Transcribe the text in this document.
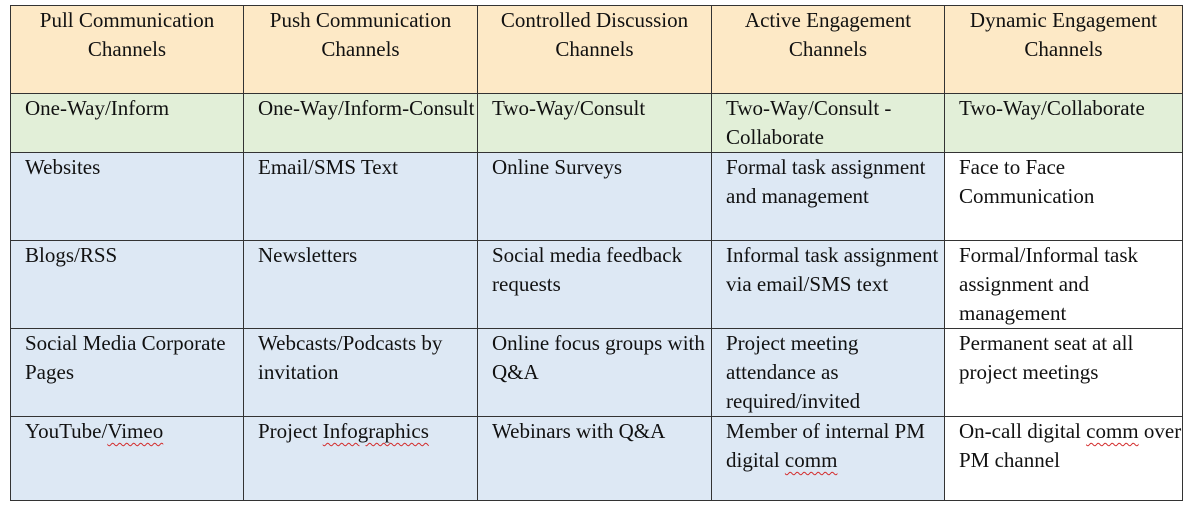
Pull Communication Channels	Push Communication Channels	Controlled Discussion Channels	Active Engagement Channels	Dynamic Engagement Channels
One-Way/Inform	One-Way/Inform-Consult	Two-Way/Consult	Two-Way/Consult - Collaborate	Two-Way/Collaborate
Websites	Email/SMS Text	Online Surveys	Formal task assignment and management	Face to Face Communication
Blogs/RSS	Newsletters	Social media feedback requests	Informal task assignment via email/SMS text	Formal/Informal task assignment and management
Social Media Corporate Pages	Webcasts/Podcasts by invitation	Online focus groups with Q&A	Project meeting attendance as required/invited	Permanent seat at all project meetings
YouTube/Vimeo	Project Infographics	Webinars with Q&A	Member of internal PM digital comm	On-call digital comm over PM channel
